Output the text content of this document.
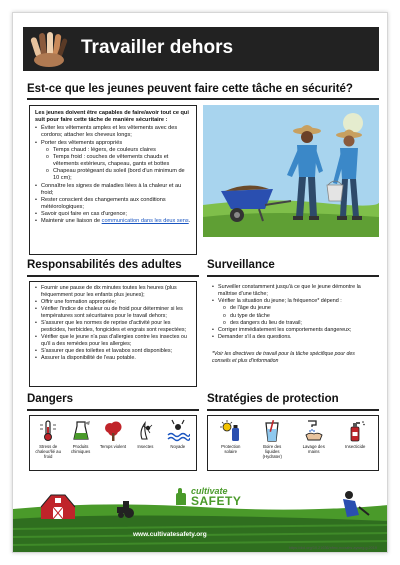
Travailler dehors
Est-ce que les jeunes peuvent faire cette tâche en sécurité?
Les jeunes doivent être capables de faire/avoir tout ce qui suit pour faire cette tâche de manière sécuritaire :
• Éviter les vêtements amples et les vêtements avec des cordons; attacher les cheveux longs;
• Porter des vêtements appropriés
o Temps chaud : légers, de couleurs claires
o Temps froid : couches de vêtements chauds et vêtements extérieurs, chapeau, gants et bottes
o Chapeau protégeant du soleil (bord d'un minimum de 10 cm);
• Connaître les signes de maladies liées à la chaleur et au froid;
• Rester conscient des changements aux conditions météorologiques;
• Savoir quoi faire en cas d'urgence;
• Maintenir une liaison de communication dans les deux sens.
Responsabilités des adultes Surveillance
• Fournir une pause de dix minutes toutes les heures (plus fréquemment pour les enfants plus jeunes);
• Offrir une formation appropriée;
• Vérifier l'indice de chaleur ou de froid pour déterminer si les températures sont sécuritaires pour le travail dehors;
• S'assurer que les normes de reprise d'activité pour les pesticides, herbicides, fongicides et engrais sont respectées;
• Vérifier que le jeune n'a pas d'allergies contre les insectes ou qu'il a des remèdes pour les allergies;
• S'assurer que des toilettes et lavabos sont disponibles;
• Assurer la disponibilité de l'eau potable.
• Surveiller constamment jusqu'à ce que le jeune démontre la maîtrise d'une tâche;
• Vérifier la situation du jeune; la fréquence* dépend :
o de l'âge du jeune
o du type de tâche
o des dangers du lieu de travail;
• Corriger immédiatement les comportements dangereux;
• Demander s'il a des questions.
*Voir les directives de travail pour la tâche spécifique pour des conseils et plus d'information
Dangers	Stratégies de protection
Stress de chaleur/lié au froid
Produits chimiques
Temps violent	Insectes	Noyade	Protection solaire
Boire des liquides (Hydrater)
Lavage des mains
Insecticide
cultivate
SAFETY
www.cultivatesafety.org
https://doi.org/10.21636/nfmc.nccrahs.ayweg.g.2019
